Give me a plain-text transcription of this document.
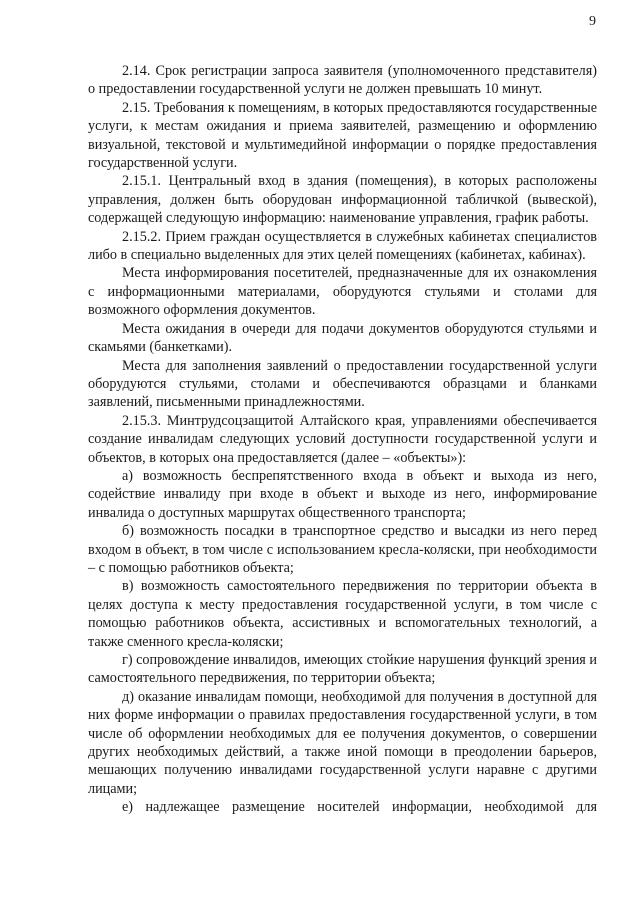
9

2.14. Срок регистрации запроса заявителя (уполномоченного представителя) о предоставлении государственной услуги не должен превышать 10 минут.

2.15. Требования к помещениям, в которых предоставляются государственные услуги, к местам ожидания и приема заявителей, размещению и оформлению визуальной, текстовой и мультимедийной информации о порядке предоставления государственной услуги.

2.15.1. Центральный вход в здания (помещения), в которых расположены управления, должен быть оборудован информационной табличкой (вывеской), содержащей следующую информацию: наименование управления, график работы.

2.15.2. Прием граждан осуществляется в служебных кабинетах специалистов либо в специально выделенных для этих целей помещениях (кабинетах, кабинах).

Места информирования посетителей, предназначенные для их ознакомления с информационными материалами, оборудуются стульями и столами для возможного оформления документов.

Места ожидания в очереди для подачи документов оборудуются стульями и скамьями (банкетками).

Места для заполнения заявлений о предоставлении государственной услуги оборудуются стульями, столами и обеспечиваются образцами и бланками заявлений, письменными принадлежностями.

2.15.3. Минтрудсоцзащитой Алтайского края, управлениями обеспечивается создание инвалидам следующих условий доступности государственной услуги и объектов, в которых она предоставляется (далее – «объекты»):

а) возможность беспрепятственного входа в объект и выхода из него, содействие инвалиду при входе в объект и выходе из него, информирование инвалида о доступных маршрутах общественного транспорта;

б) возможность посадки в транспортное средство и высадки из него перед входом в объект, в том числе с использованием кресла-коляски, при необходимости – с помощью работников объекта;

в) возможность самостоятельного передвижения по территории объекта в целях доступа к месту предоставления государственной услуги, в том числе с помощью работников объекта, ассистивных и вспомогательных технологий, а также сменного кресла-коляски;

г) сопровождение инвалидов, имеющих стойкие нарушения функций зрения и самостоятельного передвижения, по территории объекта;

д) оказание инвалидам помощи, необходимой для получения в доступной для них форме информации о правилах предоставления государственной услуги, в том числе об оформлении необходимых для ее получения документов, о совершении других необходимых действий, а также иной помощи в преодолении барьеров, мешающих получению инвалидами государственной услуги наравне с другими лицами;

е) надлежащее размещение носителей информации, необходимой для
